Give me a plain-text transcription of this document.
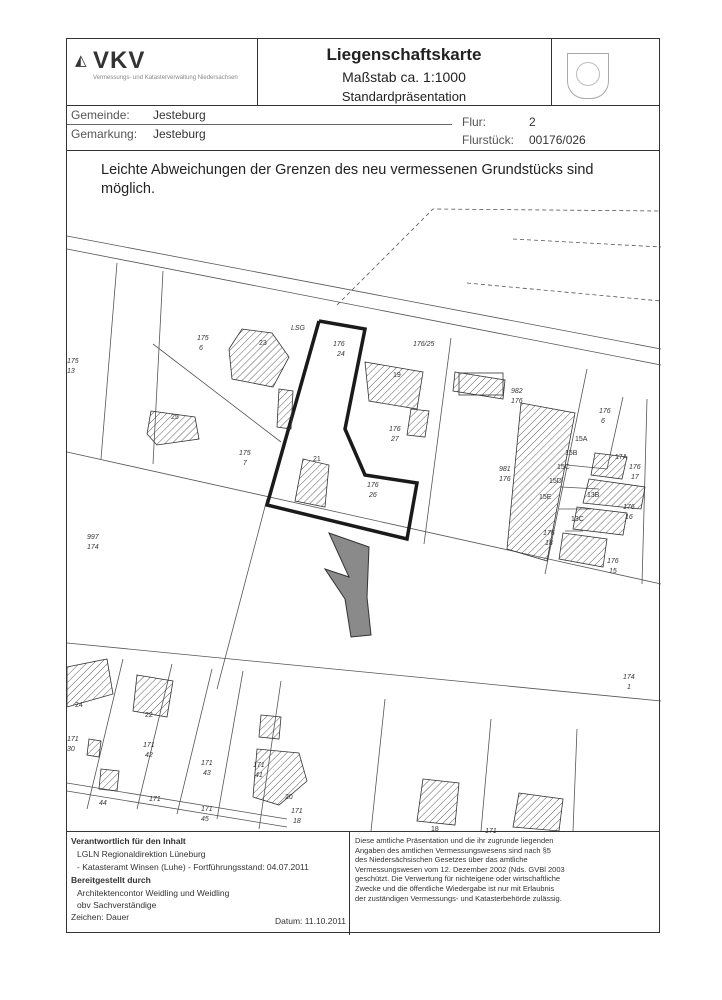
◭ VKV
Vermessungs- und Katasterverwaltung Niedersachsen
Liegenschaftskarte
Maßstab ca. 1:1000
Standardpräsentation
Gemeinde: Jesteburg
Gemarkung: Jesteburg
Flur:	2
Flurstück: 00176/026
Leichte Abweichungen der Grenzen des neu vermessenen Grundstücks sind möglich.
LSG
175
6
176
24
176/25
176
27
175
7
176
26
982
176
981
176
176
6
176
17
176
16
176
18
176
15
997
174
175
13
174
1
171
30
171
42
171
43
171
41
171
44
171
45
171
18
171
23
25
19
21
24
22
20
18
15A
15B
15C
15D
15E
17A
13B
13C
Verantwortlich für den Inhalt
LGLN Regionaldirektion Lüneburg
- Katasteramt Winsen (Luhe) - Fortführungsstand: 04.07.2011
Bereitgestellt durch
Architektencontor Weidling und Weidling
obv Sachverständige
Zeichen: Dauer	Datum: 11.10.2011
Diese amtliche Präsentation und die ihr zugrunde liegenden Angaben des amtlichen Vermessungswesens sind nach §5 des Niedersächsischen Gesetzes über das amtliche Vermessungswesen vom 12. Dezember 2002 (Nds. GVBl 2003 geschützt. Die Verwertung für nichteigene oder wirtschaftliche Zwecke und die öffentliche Wiedergabe ist nur mit Erlaubnis der zuständigen Vermessungs- und Katasterbehörde zulässig.
